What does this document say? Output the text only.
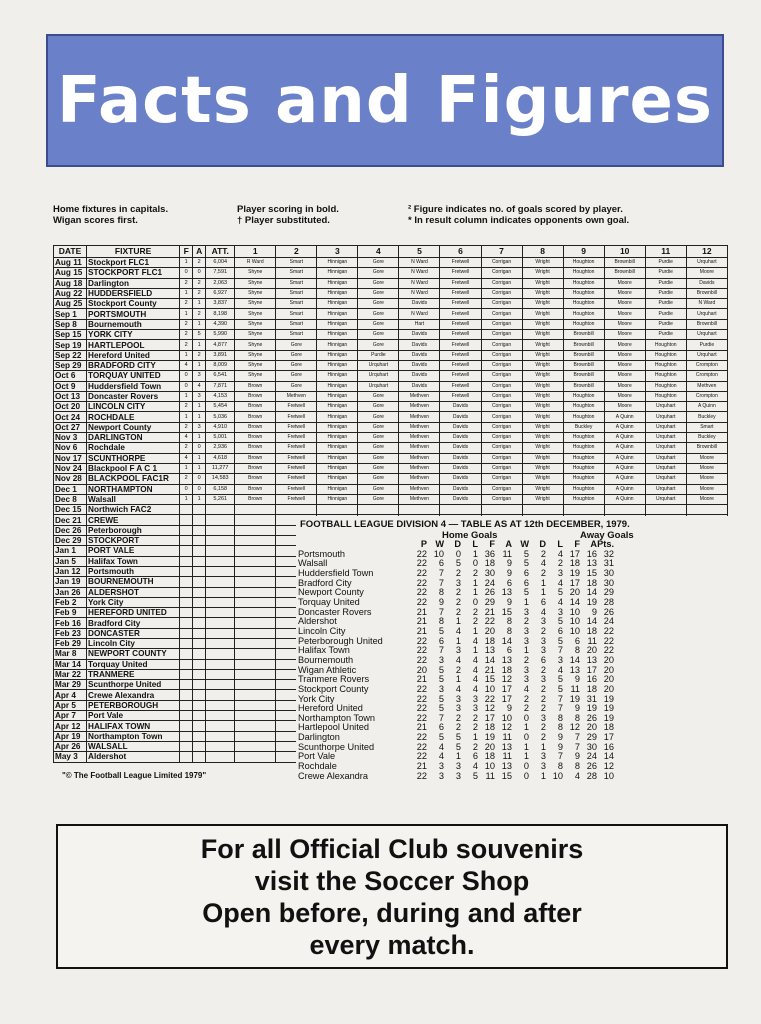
Facts and Figures
Home fixtures in capitals.
Wigan scores first.
Player scoring in bold.
† Player substituted.
² Figure indicates no. of goals scored by player.
* In result column indicates opponents own goal.
DATE	FIXTURE	F	A	ATT.	1	2	3	4	5	6	7	8	9	10	11	12
Aug 11	Stockport FLC1	1	2	6,004	R Ward	Smart	Hinnigan	Gore	N Ward	Fretwell	Corrigan	Wright	Houghton	Brownbill	Purdie	Urquhart
Aug 15	STOCKPORT FLC1	0	0	7,591	Shyne	Smart	Hinnigan	Gore	N Ward	Fretwell	Corrigan	Wright	Houghton	Brownbill	Purdie	Moore
Aug 18	Darlington	2	2	2,063	Shyne	Smart	Hinnigan	Gore	N Ward	Fretwell	Corrigan	Wright	Houghton	Moore	Purdie	Davids
Aug 22	HUDDERSFIELD	1	2	6,927	Shyne	Smart	Hinnigan	Gore	N Ward	Fretwell	Corrigan	Wright	Houghton	Moore	Purdie	Brownbill
Aug 25	Stockport County	2	1	3,837	Shyne	Smart	Hinnigan	Gore	Davids	Fretwell	Corrigan	Wright	Houghton	Moore	Purdie	N Ward
Sep 1	PORTSMOUTH	1	2	8,198	Shyne	Smart	Hinnigan	Gore	N Ward	Fretwell	Corrigan	Wright	Houghton	Moore	Purdie	Urquhart
Sep 8	Bournemouth	2	1	4,390	Shyne	Smart	Hinnigan	Gore	Hart	Fretwell	Corrigan	Wright	Houghton	Moore	Purdie	Brownbill
Sep 15	YORK CITY	2	5	5,990	Shyne	Smart	Hinnigan	Gore	Davids	Fretwell	Corrigan	Wright	Brownbill	Moore	Purdie	Urquhart
Sep 19	HARTLEPOOL	2	1	4,877	Shyne	Gore	Hinnigan	Gore	Davids	Fretwell	Corrigan	Wright	Brownbill	Moore	Houghton	Purdie
Sep 22	Hereford United	1	2	3,891	Shyne	Gore	Hinnigan	Purdie	Davids	Fretwell	Corrigan	Wright	Brownbill	Moore	Houghton	Urquhart
Sep 29	BRADFORD CITY	4	1	8,009	Shyne	Gore	Hinnigan	Urquhart	Davids	Fretwell	Corrigan	Wright	Brownbill	Moore	Houghton	Crompton
Oct 6	TORQUAY UNITED	0	3	6,541	Shyne	Gore	Hinnigan	Urquhart	Davids	Fretwell	Corrigan	Wright	Brownbill	Moore	Houghton	Crompton
Oct 9	Huddersfield Town	0	4	7,871	Brown	Gore	Hinnigan	Urquhart	Davids	Fretwell	Corrigan	Wright	Brownbill	Moore	Houghton	Methven
Oct 13	Doncaster Rovers	1	3	4,153	Brown	Methven	Hinnigan	Gore	Methven	Fretwell	Corrigan	Wright	Houghton	Moore	Houghton	Crompton
Oct 20	LINCOLN CITY	2	1	5,454	Brown	Fretwell	Hinnigan	Gore	Methven	Davids	Corrigan	Wright	Houghton	Moore	Urquhart	A Quinn
Oct 24	ROCHDALE	1	1	5,036	Brown	Fretwell	Hinnigan	Gore	Methven	Davids	Corrigan	Wright	Houghton	A Quinn	Urquhart	Buckley
Oct 27	Newport County	2	3	4,910	Brown	Fretwell	Hinnigan	Gore	Methven	Davids	Corrigan	Wright	Buckley	A Quinn	Urquhart	Smart
Nov 3	DARLINGTON	4	1	5,001	Brown	Fretwell	Hinnigan	Gore	Methven	Davids	Corrigan	Wright	Houghton	A Quinn	Urquhart	Buckley
Nov 6	Rochdale	2	0	2,936	Brown	Fretwell	Hinnigan	Gore	Methven	Davids	Corrigan	Wright	Houghton	A Quinn	Urquhart	Brownbill
Nov 17	SCUNTHORPE	4	1	4,618	Brown	Fretwell	Hinnigan	Gore	Methven	Davids	Corrigan	Wright	Houghton	A Quinn	Urquhart	Moore
Nov 24	Blackpool F A C 1	1	1	11,277	Brown	Fretwell	Hinnigan	Gore	Methven	Davids	Corrigan	Wright	Houghton	A Quinn	Urquhart	Moore
Nov 28	BLACKPOOL FAC1R	2	0	14,583	Brown	Fretwell	Hinnigan	Gore	Methven	Davids	Corrigan	Wright	Houghton	A Quinn	Urquhart	Moore
Dec 1	NORTHAMPTON	0	0	6,158	Brown	Fretwell	Hinnigan	Gore	Methven	Davids	Corrigan	Wright	Houghton	A Quinn	Urquhart	Moore
Dec 8	Walsall	1	1	5,261	Brown	Fretwell	Hinnigan	Gore	Methven	Davids	Corrigan	Wright	Houghton	A Quinn	Urquhart	Moore
Dec 15	Northwich FAC2															
Dec 21	CREWE															
Dec 26	Peterborough															
Dec 29	STOCKPORT															
Jan 1	PORT VALE															
Jan 5	Halifax Town															
Jan 12	Portsmouth															
Jan 19	BOURNEMOUTH															
Jan 26	ALDERSHOT															
Feb 2	York City															
Feb 9	HEREFORD UNITED															
Feb 16	Bradford City															
Feb 23	DONCASTER															
Feb 29	Lincoln City															
Mar 8	NEWPORT COUNTY															
Mar 14	Torquay United															
Mar 22	TRANMERE															
Mar 29	Scunthorpe United															
Apr 4	Crewe Alexandra															
Apr 5	PETERBOROUGH															
Apr 7	Port Vale															
Apr 12	HALIFAX TOWN															
Apr 19	Northampton Town															
Apr 26	WALSALL															
May 3	Aldershot															
FOOTBALL LEAGUE DIVISION 4 — TABLE AS AT 12th DECEMBER, 1979.
Home Goals	Away Goals
	P	W	D	L	F	A	W	D	L	F	A	Pts.
Portsmouth	22	10	0	1	36	11	5	2	4	17	16	32
Walsall	22	6	5	0	18	9	5	4	2	18	13	31
Huddersfield Town	22	7	2	2	30	9	6	2	3	19	15	30
Bradford City	22	7	3	1	24	6	6	1	4	17	18	30
Newport County	22	8	2	1	26	13	5	1	5	20	14	29
Torquay United	22	9	2	0	29	9	1	6	4	14	19	28
Doncaster Rovers	21	7	2	2	21	15	3	4	3	10	9	26
Aldershot	21	8	1	2	22	8	2	3	5	10	14	24
Lincoln City	21	5	4	1	20	8	3	2	6	10	18	22
Peterborough United	22	6	1	4	18	14	3	3	5	6	11	22
Halifax Town	22	7	3	1	13	6	1	3	7	8	20	22
Bournemouth	22	3	4	4	14	13	2	6	3	14	13	20
Wigan Athletic	20	5	2	4	21	18	3	2	4	13	17	20
Tranmere Rovers	21	5	1	4	15	12	3	3	5	9	16	20
Stockport County	22	3	4	4	10	17	4	2	5	11	18	20
York City	22	5	3	3	22	17	2	2	7	19	31	19
Hereford United	22	5	3	3	12	9	2	2	7	9	19	19
Northampton Town	22	7	2	2	17	10	0	3	8	8	26	19
Hartlepool United	21	6	2	2	18	12	1	2	8	12	20	18
Darlington	22	5	5	1	19	11	0	2	9	7	29	17
Scunthorpe United	22	4	5	2	20	13	1	1	9	7	30	16
Port Vale	22	4	1	6	18	11	1	3	7	9	24	14
Rochdale	21	3	3	4	10	13	0	3	8	8	26	12
Crewe Alexandra	22	3	3	5	11	15	0	1	10	4	28	10
"© The Football League Limited 1979"
For all Official Club souvenirs
visit the Soccer Shop
Open before, during and after
every match.
